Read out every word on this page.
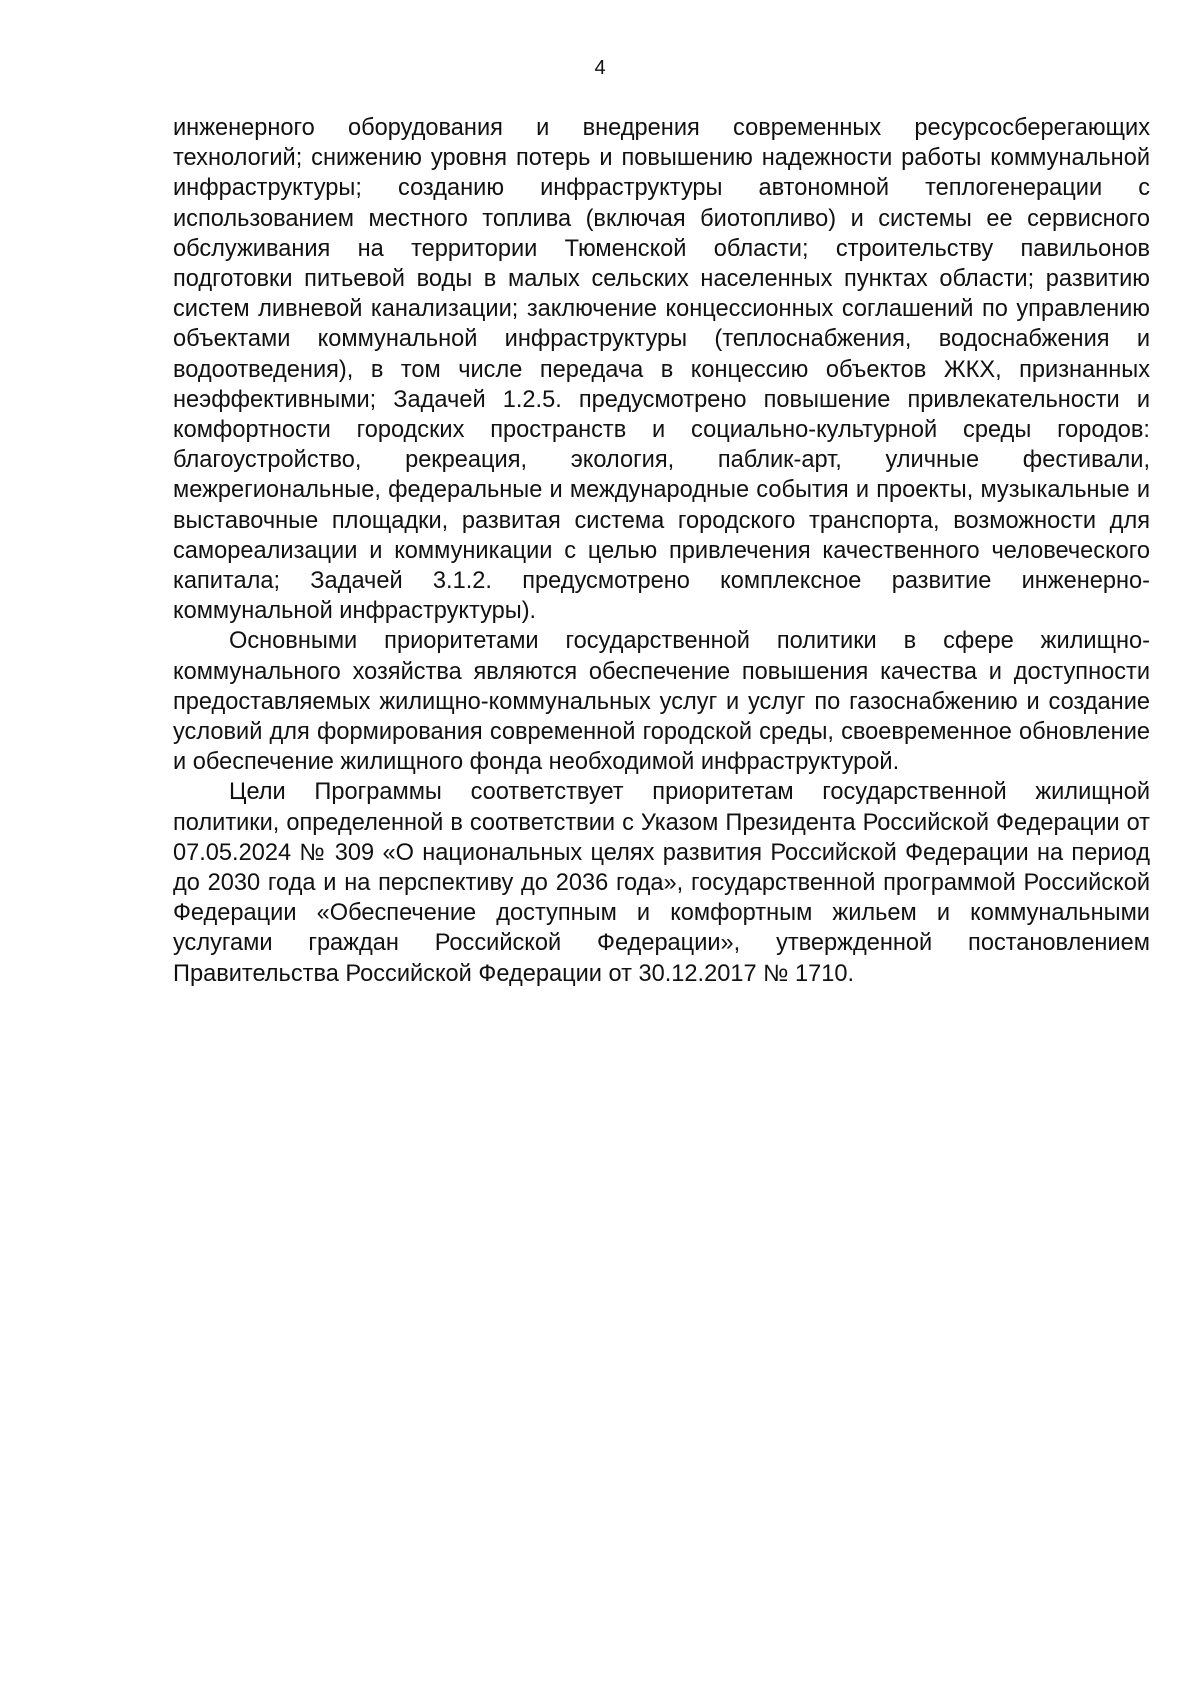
4

инженерного оборудования и внедрения современных ресурсосберегающих технологий; снижению уровня потерь и повышению надежности работы коммунальной инфраструктуры; созданию инфраструктуры автономной теплогенерации с использованием местного топлива (включая биотопливо) и системы ее сервисного обслуживания на территории Тюменской области; строительству павильонов подготовки питьевой воды в малых сельских населенных пунктах области; развитию систем ливневой канализации; заключение концессионных соглашений по управлению объектами коммунальной инфраструктуры (теплоснабжения, водоснабжения и водоотведения), в том числе передача в концессию объектов ЖКХ, признанных неэффективными; Задачей 1.2.5. предусмотрено повышение привлекательности и комфортности городских пространств и социально-культурной среды городов: благоустройство, рекреация, экология, паблик-арт, уличные фестивали, межрегиональные, федеральные и международные события и проекты, музыкальные и выставочные площадки, развитая система городского транспорта, возможности для самореализации и коммуникации с целью привлечения качественного человеческого капитала; Задачей 3.1.2. предусмотрено комплексное развитие инженерно-коммунальной инфраструктуры).

Основными приоритетами государственной политики в сфере жилищно-коммунального хозяйства являются обеспечение повышения качества и доступности предоставляемых жилищно-коммунальных услуг и услуг по газоснабжению и создание условий для формирования современной городской среды, своевременное обновление и обеспечение жилищного фонда необходимой инфраструктурой.

Цели Программы соответствует приоритетам государственной жилищной политики, определенной в соответствии с Указом Президента Российской Федерации от 07.05.2024 № 309 «О национальных целях развития Российской Федерации на период до 2030 года и на перспективу до 2036 года», государственной программой Российской Федерации «Обеспечение доступным и комфортным жильем и коммунальными услугами граждан Российской Федерации», утвержденной постановлением Правительства Российской Федерации от 30.12.2017 № 1710.
